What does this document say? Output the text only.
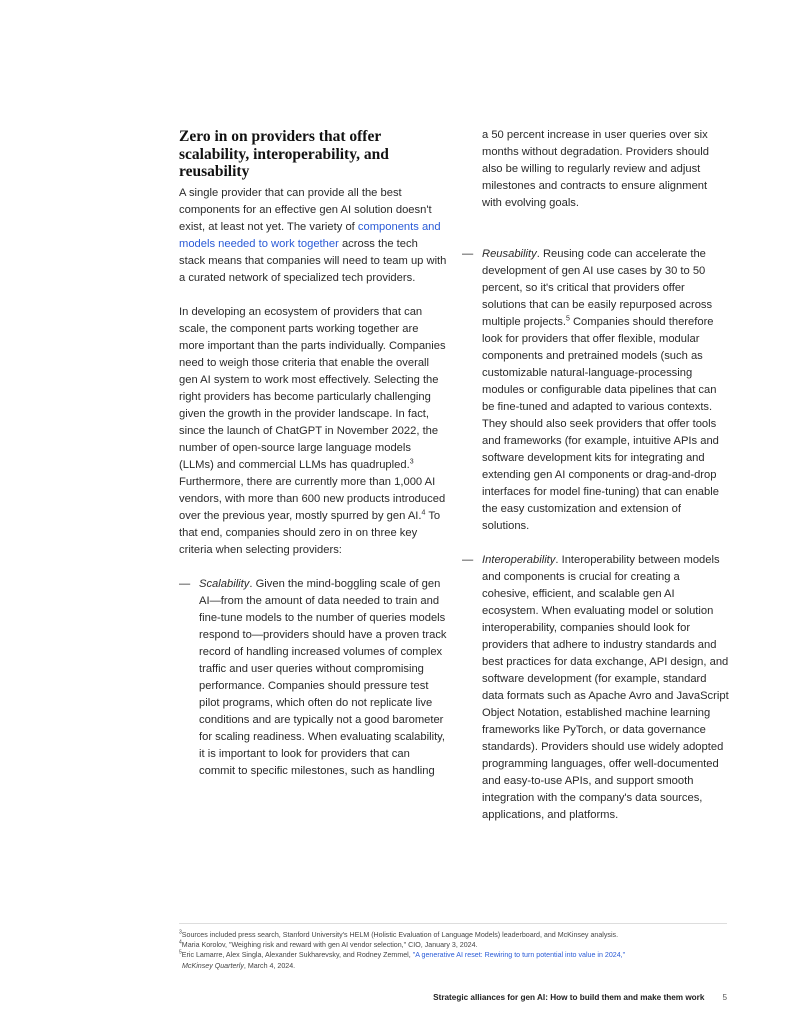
Zero in on providers that offer scalability, interoperability, and reusability

A single provider that can provide all the best components for an effective gen AI solution doesn't exist, at least not yet. The variety of components and models needed to work together across the tech stack means that companies will need to team up with a curated network of specialized tech providers.

In developing an ecosystem of providers that can scale, the component parts working together are more important than the parts individually. Companies need to weigh those criteria that enable the overall gen AI system to work most effectively. Selecting the right providers has become particularly challenging given the growth in the provider landscape. In fact, since the launch of ChatGPT in November 2022, the number of open-source large language models (LLMs) and commercial LLMs has quadrupled.$^3$ Furthermore, there are currently more than 1,000 AI vendors, with more than 600 new products introduced over the previous year, mostly spurred by gen AI.$^4$ To that end, companies should zero in on three key criteria when selecting providers:

— Scalability. Given the mind-boggling scale of gen AI—from the amount of data needed to train and fine-tune models to the number of queries models respond to—providers should have a proven track record of handling increased volumes of complex traffic and user queries without compromising performance. Companies should pressure test pilot programs, which often do not replicate live conditions and are typically not a good barometer for scaling readiness. When evaluating scalability, it is important to look for providers that can commit to specific milestones, such as handling

a 50 percent increase in user queries over six months without degradation. Providers should also be willing to regularly review and adjust milestones and contracts to ensure alignment with evolving goals.

— Reusability. Reusing code can accelerate the development of gen AI use cases by 30 to 50 percent, so it's critical that providers offer solutions that can be easily repurposed across multiple projects.$^5$ Companies should therefore look for providers that offer flexible, modular components and pretrained models (such as customizable natural-language-processing modules or configurable data pipelines that can be fine-tuned and adapted to various contexts. They should also seek providers that offer tools and frameworks (for example, intuitive APIs and software development kits for integrating and extending gen AI components or drag-and-drop interfaces for model fine-tuning) that can enable the easy customization and extension of solutions.

— Interoperability. Interoperability between models and components is crucial for creating a cohesive, efficient, and scalable gen AI ecosystem. When evaluating model or solution interoperability, companies should look for providers that adhere to industry standards and best practices for data exchange, API design, and software development (for example, standard data formats such as Apache Avro and JavaScript Object Notation, established machine learning frameworks like PyTorch, or data governance standards). Providers should use widely adopted programming languages, offer well-documented and easy-to-use APIs, and support smooth integration with the company's data sources, applications, and platforms.

$^3$Sources included press search, Stanford University's HELM (Holistic Evaluation of Language Models) leaderboard, and McKinsey analysis.
$^4$Maria Korolov, "Weighing risk and reward with gen AI vendor selection," CIO, January 3, 2024.
$^5$Eric Lamarre, Alex Singla, Alexander Sukharevsky, and Rodney Zemmel, "A generative AI reset: Rewiring to turn potential into value in 2024,"
McKinsey Quarterly, March 4, 2024.
Strategic alliances for gen AI: How to build them and make them work 5
